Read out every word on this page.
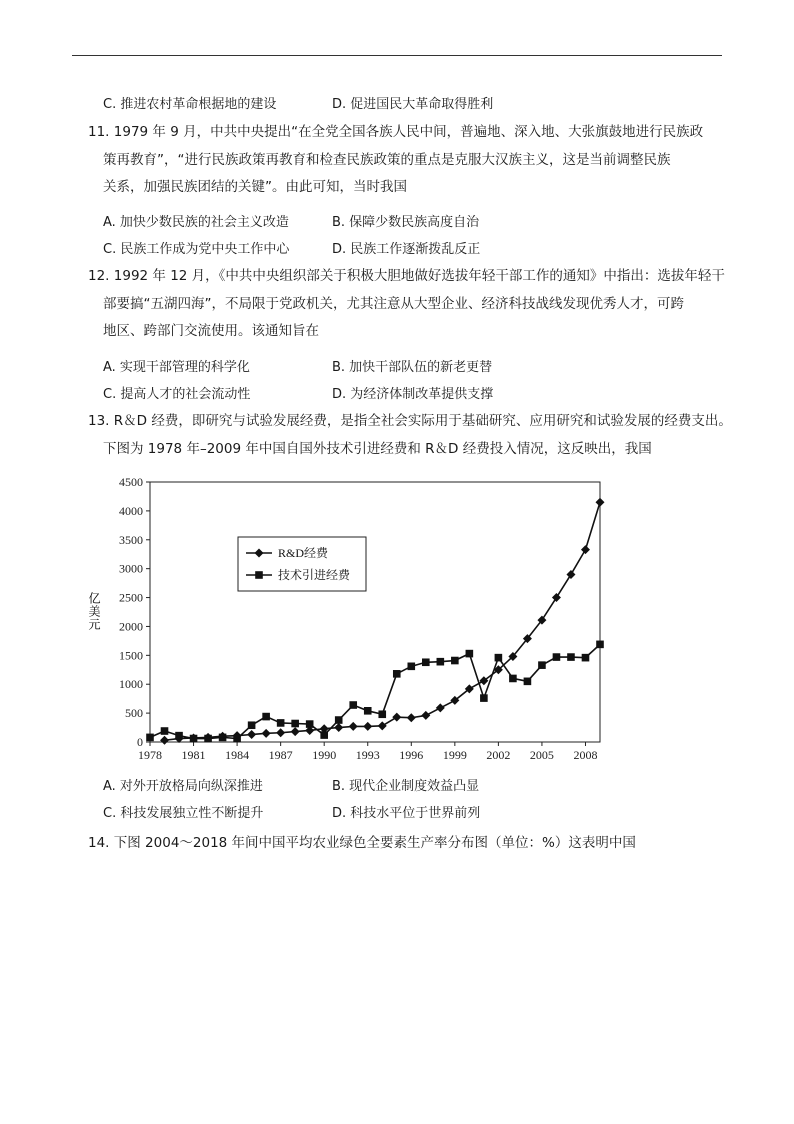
C. 推进农村革命根据地的建设	D. 促进国民大革命取得胜利
11. 1979 年 9 月，中共中央提出“在全党全国各族人民中间，普遍地、深入地、大张旗鼓地进行民族政
策再教育”，“进行民族政策再教育和检查民族政策的重点是克服大汉族主义，这是当前调整民族
关系，加强民族团结的关键”。由此可知，当时我国
A. 加快少数民族的社会主义改造	B. 保障少数民族高度自治
C. 民族工作成为党中央工作中心	D. 民族工作逐渐拨乱反正
12. 1992 年 12 月，《中共中央组织部关于积极大胆地做好选拔年轻干部工作的通知》中指出：选拔年轻干
部要搞“五湖四海”，不局限于党政机关，尤其注意从大型企业、经济科技战线发现优秀人才，可跨
地区、跨部门交流使用。该通知旨在
A. 实现干部管理的科学化	B. 加快干部队伍的新老更替
C. 提高人才的社会流动性	D. 为经济体制改革提供支撑
13. R＆D 经费，即研究与试验发展经费，是指全社会实际用于基础研究、应用研究和试验发展的经费支出。
下图为 1978 年–2009 年中国自国外技术引进经费和 R＆D 经费投入情况，这反映出，我国
0
500
1000
1500
2000
2500
3000
3500
4000
4500
1978 1981 1984 1987 1990 1993 1996 1999 2002 2005 2008
亿美元
R&D经费
技术引进经费
A. 对外开放格局向纵深推进	B. 现代企业制度效益凸显
C. 科技发展独立性不断提升	D. 科技水平位于世界前列
14. 下图 2004～2018 年间中国平均农业绿色全要素生产率分布图（单位：%）这表明中国
